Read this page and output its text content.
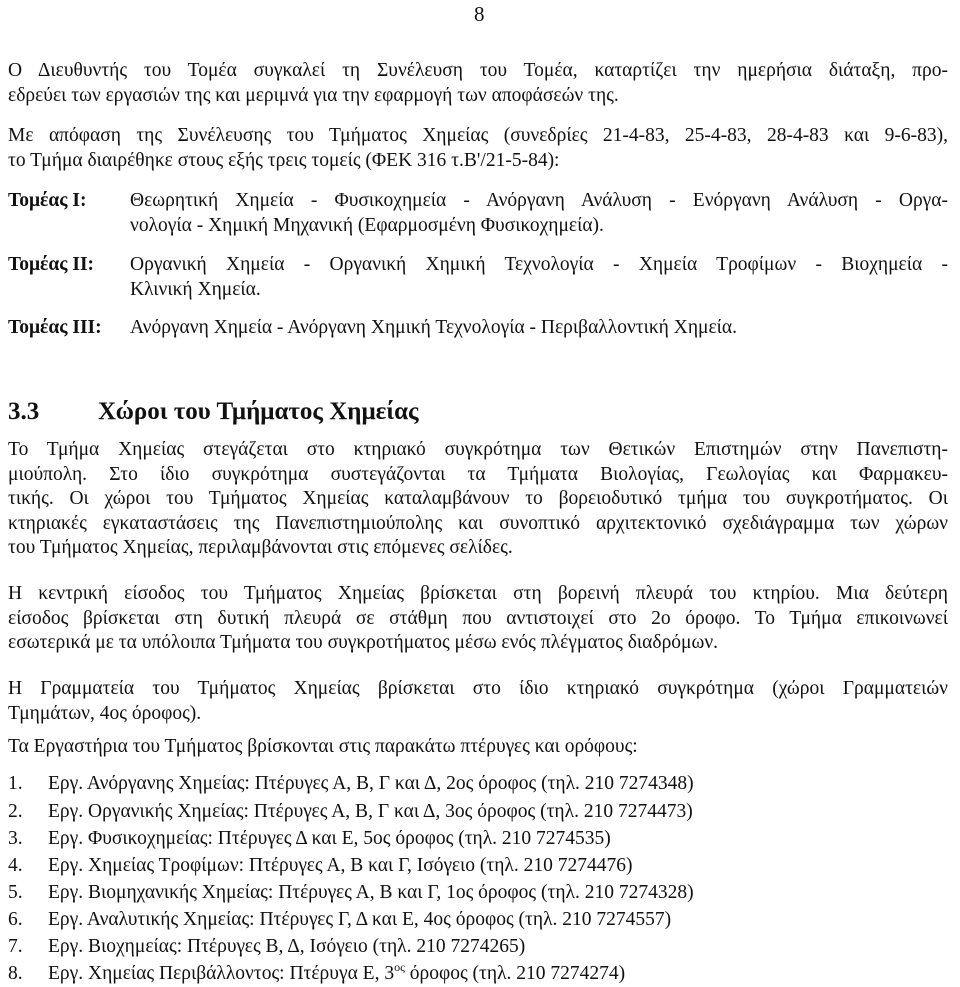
8
Ο Διευθυντής του Τομέα συγκαλεί τη Συνέλευση του Τομέα, καταρτίζει την ημερήσια διάταξη, προ-
εδρεύει των εργασιών της και μεριμνά για την εφαρμογή των αποφάσεών της.
Με απόφαση της Συνέλευσης του Τμήματος Χημείας (συνεδρίες 21-4-83, 25-4-83, 28-4-83 και 9-6-83),
το Τμήμα διαιρέθηκε στους εξής τρεις τομείς (ΦΕΚ 316 τ.Β'/21-5-84):
Τομέας Ι: Θεωρητική Χημεία - Φυσικοχημεία - Ανόργανη Ανάλυση - Ενόργανη Ανάλυση - Οργα-
νολογία - Χημική Μηχανική (Εφαρμοσμένη Φυσικοχημεία).
Τομέας ΙΙ: Οργανική Χημεία - Οργανική Χημική Τεχνολογία - Χημεία Τροφίμων - Βιοχημεία -
Κλινική Χημεία.
Τομέας ΙΙΙ: Ανόργανη Χημεία - Ανόργανη Χημική Τεχνολογία - Περιβαλλοντική Χημεία.
3.3 Χώροι του Τμήματος Χημείας
Το Τμήμα Χημείας στεγάζεται στο κτηριακό συγκρότημα των Θετικών Επιστημών στην Πανεπιστη-
μιούπολη. Στο ίδιο συγκρότημα συστεγάζονται τα Τμήματα Βιολογίας, Γεωλογίας και Φαρμακευ-
τικής. Οι χώροι του Τμήματος Χημείας καταλαμβάνουν το βορειοδυτικό τμήμα του συγκροτήματος. Οι
κτηριακές εγκαταστάσεις της Πανεπιστημιούπολης και συνοπτικό αρχιτεκτονικό σχεδιάγραμμα των χώρων
του Τμήματος Χημείας, περιλαμβάνονται στις επόμενες σελίδες.
Η κεντρική είσοδος του Τμήματος Χημείας βρίσκεται στη βορεινή πλευρά του κτηρίου. Μια δεύτερη
είσοδος βρίσκεται στη δυτική πλευρά σε στάθμη που αντιστοιχεί στο 2ο όροφο. Το Τμήμα επικοινωνεί
εσωτερικά με τα υπόλοιπα Τμήματα του συγκροτήματος μέσω ενός πλέγματος διαδρόμων.
Η Γραμματεία του Τμήματος Χημείας βρίσκεται στο ίδιο κτηριακό συγκρότημα (χώροι Γραμματειών
Τμημάτων, 4ος όροφος).
Τα Εργαστήρια του Τμήματος βρίσκονται στις παρακάτω πτέρυγες και ορόφους:
1. Εργ. Ανόργανης Χημείας: Πτέρυγες Α, Β, Γ και Δ, 2ος όροφος (τηλ. 210 7274348)
2. Εργ. Οργανικής Χημείας: Πτέρυγες Α, Β, Γ και Δ, 3ος όροφος (τηλ. 210 7274473)
3. Εργ. Φυσικοχημείας: Πτέρυγες Δ και Ε, 5ος όροφος (τηλ. 210 7274535)
4. Εργ. Χημείας Τροφίμων: Πτέρυγες Α, Β και Γ, Ισόγειο (τηλ. 210 7274476)
5. Εργ. Βιομηχανικής Χημείας: Πτέρυγες Α, Β και Γ, 1ος όροφος (τηλ. 210 7274328)
6. Εργ. Αναλυτικής Χημείας: Πτέρυγες Γ, Δ και Ε, 4ος όροφος (τηλ. 210 7274557)
7. Εργ. Βιοχημείας: Πτέρυγες Β, Δ, Ισόγειο (τηλ. 210 7274265)
8. Εργ. Χημείας Περιβάλλοντος: Πτέρυγα Ε, $3^{o\varsigma}$ όροφος (τηλ. 210 7274274)
